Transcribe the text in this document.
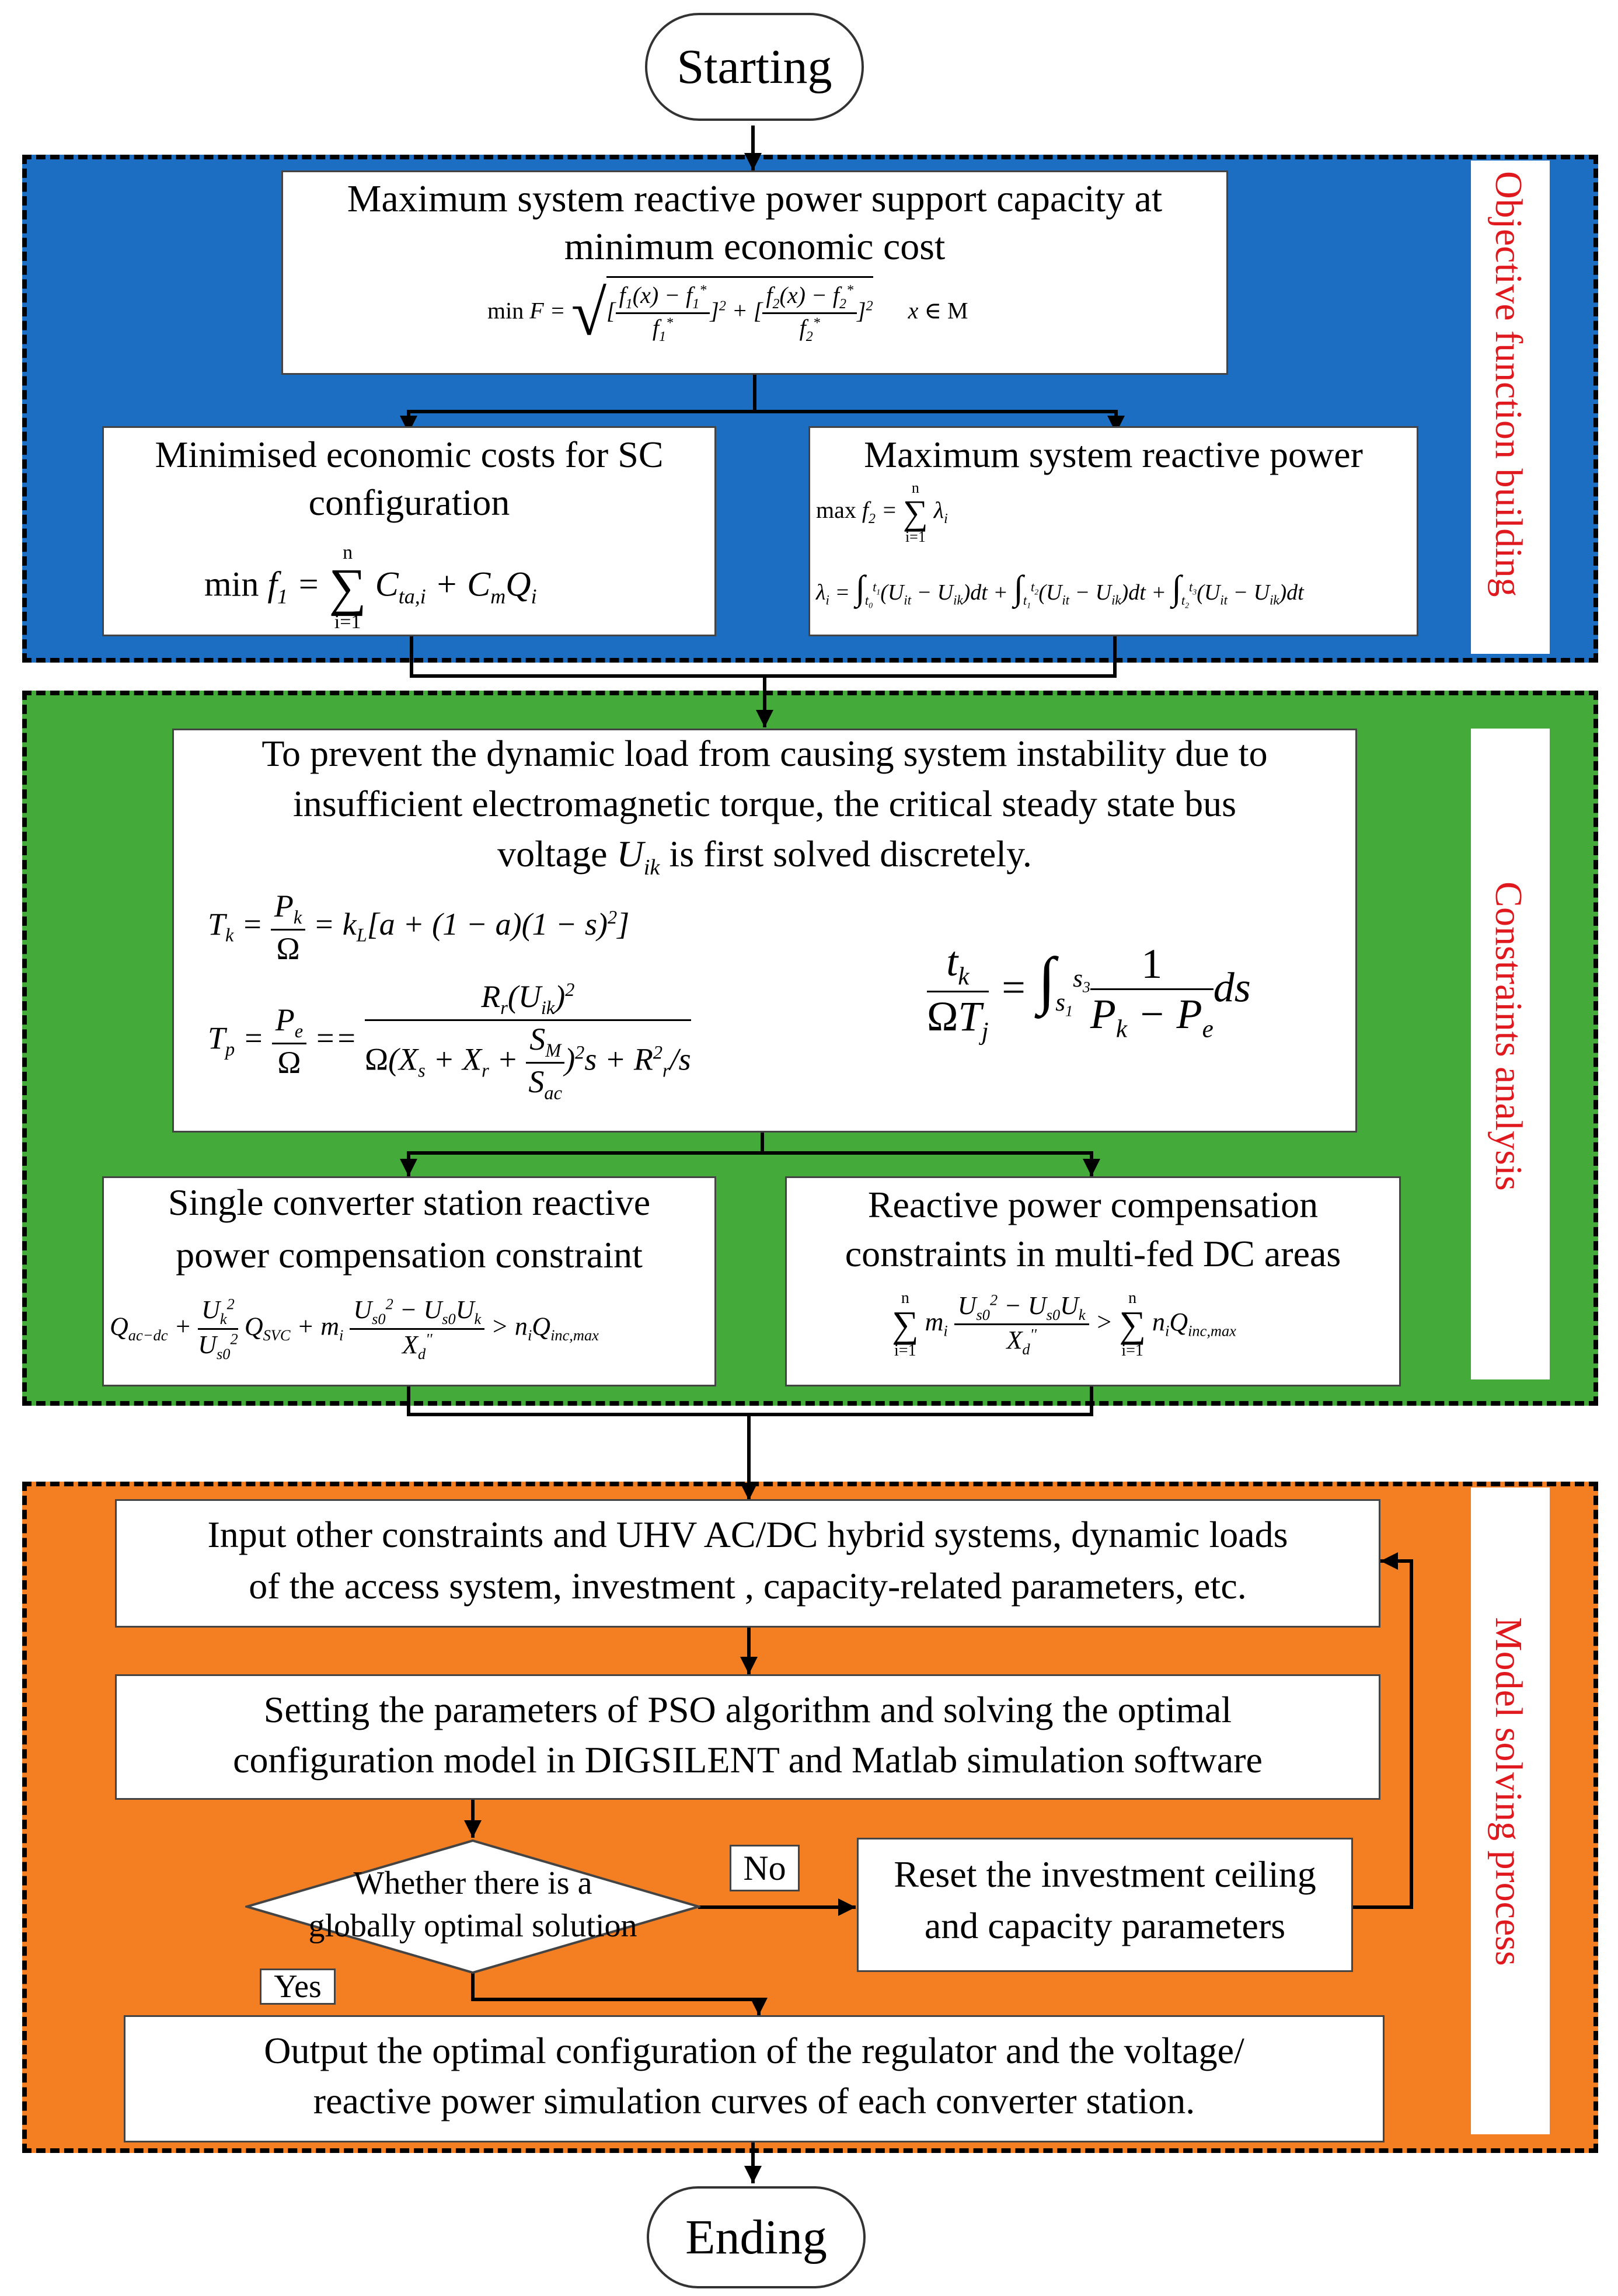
Objective function building
Constraints analysis
Model solving process
Starting
Ending
Maximum system reactive power support capacity at
minimum economic cost
min F = √[ $\frac{f_1(x) - f_1^*}{f_1^*} ]^2$ + [ $\frac{f_2(x) - f_2^*}{f_2^*} ]^2$      x ∈ M
Minimised economic costs for SC
configuration
$\min f_1$ =
n
∑
i=1
$C_{ta,i} + C_mQ_i$
Maximum system reactive power
$\max f_2$ =
n
∑
i=1
$\lambda_i$
$\lambda_i = \int_{t_0}^{t_1}(U_{it} - U_{ik})dt + \int_{t_1}^{t_2}(U_{it} - U_{ik})dt + \int_{t_2}^{t_3}(U_{it} - U_{ik})dt$
To prevent the dynamic load from causing system instability due to
insufficient electromagnetic torque, the critical steady state bus
voltage $U_{ik}$ is first solved discretely.
$T_k = \frac{P_k}{\Omega} = k_L[a + (1 - a)(1 - s)^2]$
$T_p = \frac{P_e}{\Omega} == \frac{R_r(U_{ik})^2}{\Omega(X_s + X_r + \frac{S_M}{S_{ac}} )^2s + R^2_r/s}$	$\frac{t_k}{\Omega T_j} = \int_{s_1}^{s_3} \frac{1}{P_k - P_e}$ ds
Single converter station reactive
power compensation constraint
$Q_{ac-dc} + \frac{U_k^2}{U_{s0}^2} Q_{SVC} + m_i \frac{U_{s0}^2 - U_{s0}U_k}{X_d''} > n_iQ_{inc,max}$
Reactive power compensation
constraints in multi-fed DC areas
n
∑
i=1
$m_i \frac{U_{s0}^2 - U_{s0}U_k}{X_d''}$ >
n
∑
i=1
$n_iQ_{inc,max}$
Input other constraints and UHV AC/DC hybrid systems, dynamic loads
of the access system, investment , capacity-related parameters, etc.
Setting the parameters of PSO algorithm and solving the optimal
configuration model in DIGSILENT and Matlab simulation software
Whether there is a
globally optimal solution
No
Yes
Reset the investment ceiling
and capacity parameters
Output the optimal configuration of the regulator and the voltage/
reactive power simulation curves of each converter station.
